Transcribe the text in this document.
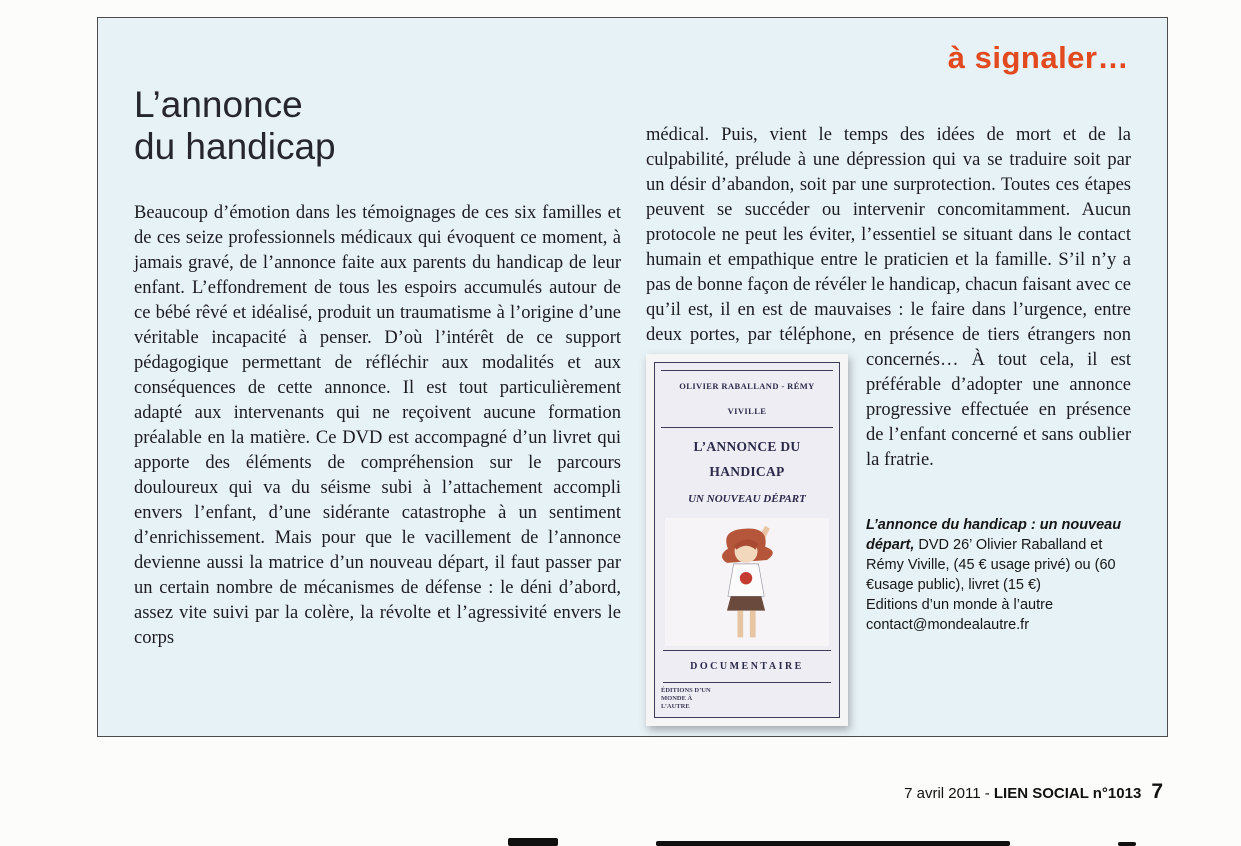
à signaler…
L’annonce
du handicap
Beaucoup d’émotion dans les témoignages de ces six familles et de ces seize professionnels médicaux qui évoquent ce moment, à jamais gravé, de l’annonce faite aux parents du handicap de leur enfant. L’effondrement de tous les espoirs accumulés autour de ce bébé rêvé et idéalisé, produit un traumatisme à l’origine d’une véritable incapacité à penser. D’où l’intérêt de ce support pédagogique permettant de réfléchir aux modalités et aux conséquences de cette annonce. Il est tout particulièrement adapté aux intervenants qui ne reçoivent aucune formation préalable en la matière. Ce DVD est accompagné d’un livret qui apporte des éléments de compréhension sur le parcours douloureux qui va du séisme subi à l’attachement accompli envers l’enfant, d’une sidérante catastrophe à un sentiment d’enrichissement. Mais pour que le vacillement de l’annonce devienne aussi la matrice d’un nouveau départ, il faut passer par un certain nombre de mécanismes de défense : le déni d’abord, assez vite suivi par la colère, la révolte et l’agressivité envers le corps
médical. Puis, vient le temps des idées de mort et de la culpabilité, prélude à une dépression qui va se traduire soit par un désir d’abandon, soit par une surprotection. Toutes ces étapes peuvent se succéder ou intervenir concomitamment. Aucun protocole ne peut les éviter, l’essentiel se situant dans le contact humain et empathique entre le praticien et la famille. S’il n’y a pas de bonne façon de révéler le handicap, chacun faisant avec ce qu’il est, il en est de mauvaises : le faire dans l’urgence, entre deux portes, par téléphone, en présence de tiers étrangers non concernés… À tout
OLIVIER RABALLAND - RÉMY VIVILLE
L’ANNONCE DU HANDICAP
UN NOUVEAU DÉPART
DOCUMENTAIRE
ÉDITIONS D’UN MONDE À L’AUTRE
cela, il est préférable d’adopter une annonce progressive effectuée en présence de l’enfant concerné et sans oublier la fratrie.
L’annonce du handicap : un nouveau départ, DVD 26’ Olivier Raballand et Rémy Viville, (45 € usage privé) ou (60 €usage public), livret (15 €)
Editions d’un monde à l’autre
contact@mondealautre.fr
7 avril 2011 - LIEN SOCIAL n°1013 7
